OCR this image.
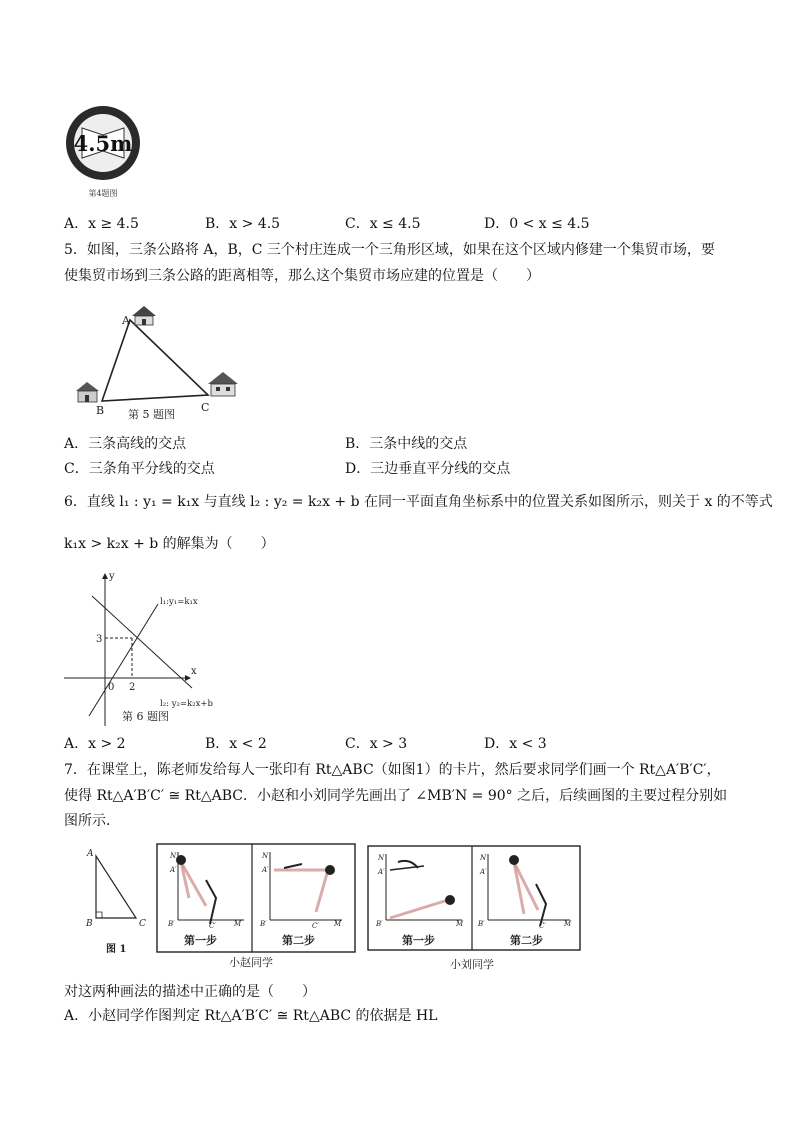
4.5m
第4题图
A．x ≥ 4.5	B．x > 4.5	C．x ≤ 4.5	D．0 < x ≤ 4.5
5．如图，三条公路将 A，B，C 三个村庄连成一个三角形区域，如果在这个区域内修建一个集贸市场，要
使集贸市场到三条公路的距离相等，那么这个集贸市场应建的位置是（　　）
A
B	C
第 5 题图
A．三条高线的交点	B．三条中线的交点
C．三条角平分线的交点	D．三边垂直平分线的交点
6．直线 l₁ : y₁ = k₁x 与直线 l₂ : y₂ = k₂x + b 在同一平面直角坐标系中的位置关系如图所示，则关于 x 的不等式
k₁x > k₂x + b 的解集为（　　）
y
x
0 2
3
l₁:y₁=k₁x
l₂: y₂=k₂x+b
第 6 题图
A．x > 2	B．x < 2	C．x > 3	D．x < 3
7．在课堂上，陈老师发给每人一张印有 Rt△ABC（如图1）的卡片，然后要求同学们画一个 Rt△A′B′C′，
使得 Rt△A′B′C′ ≅ Rt△ABC．小赵和小刘同学先画出了 ∠MB′N = 90° 之后，后续画图的主要过程分别如
图所示．
A
B	C
图 1
N
A′
B′	C′	M
第一步
N
A′
B′	C′ M
第二步
小赵同学
N
A′
B′	M
第一步
N
A′
B′	C′	M
第二步
小刘同学
对这两种画法的描述中正确的是（　　）
A．小赵同学作图判定 Rt△A′B′C′ ≅ Rt△ABC 的依据是 HL
